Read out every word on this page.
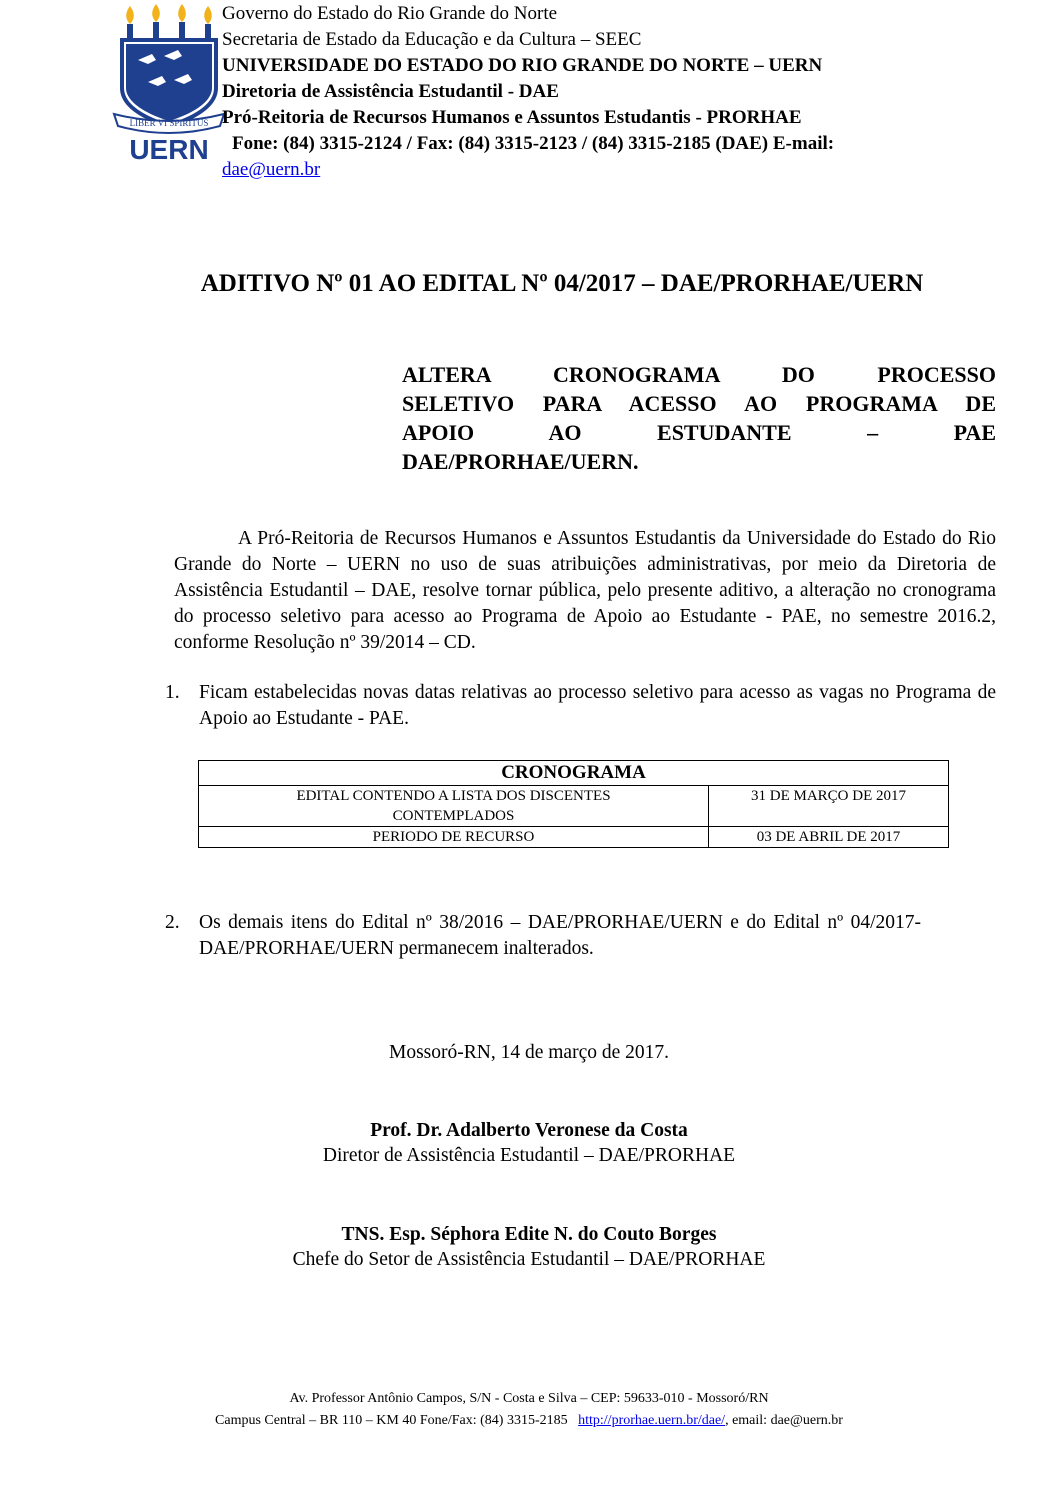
LIBER VI SPIRITUS
UERN
Governo do Estado do Rio Grande do Norte
Secretaria de Estado da Educação e da Cultura – SEEC
UNIVERSIDADE DO ESTADO DO RIO GRANDE DO NORTE – UERN
Diretoria de Assistência Estudantil - DAE
Pró-Reitoria de Recursos Humanos e Assuntos Estudantis - PRORHAE
Fone: (84) 3315-2124 / Fax: (84) 3315-2123 / (84) 3315-2185 (DAE) E-mail:
dae@uern.br
ADITIVO Nº 01 AO EDITAL Nº 04/2017 – DAE/PRORHAE/UERN
ALTERA CRONOGRAMA DO PROCESSO
SELETIVO PARA ACESSO AO PROGRAMA DE
APOIO AO ESTUDANTE – PAE
DAE/PRORHAE/UERN.
A Pró-Reitoria de Recursos Humanos e Assuntos Estudantis da Universidade do Estado do Rio Grande do Norte – UERN no uso de suas atribuições administrativas, por meio da Diretoria de Assistência Estudantil – DAE, resolve tornar pública, pelo presente aditivo, a alteração no cronograma do processo seletivo para acesso ao Programa de Apoio ao Estudante - PAE, no semestre 2016.2, conforme Resolução nº 39/2014 – CD.
1. Ficam estabelecidas novas datas relativas ao processo seletivo para acesso as vagas no Programa de Apoio ao Estudante - PAE.
CRONOGRAMA	
EDITAL CONTENDO A LISTA DOS DISCENTES CONTEMPLADOS	31 DE MARÇO DE 2017
PERIODO DE RECURSO	03 DE ABRIL DE 2017
2. Os demais itens do Edital nº 38/2016 – DAE/PRORHAE/UERN e do Edital nº 04/2017-DAE/PRORHAE/UERN permanecem inalterados.
Mossoró-RN, 14 de março de 2017.
Prof. Dr. Adalberto Veronese da Costa
Diretor de Assistência Estudantil – DAE/PRORHAE
TNS. Esp. Séphora Edite N. do Couto Borges
Chefe do Setor de Assistência Estudantil – DAE/PRORHAE
Av. Professor Antônio Campos, S/N - Costa e Silva – CEP: 59633-010 - Mossoró/RN
Campus Central – BR 110 – KM 40 Fone/Fax: (84) 3315-2185 http://prorhae.uern.br/dae/, email: dae@uern.br
